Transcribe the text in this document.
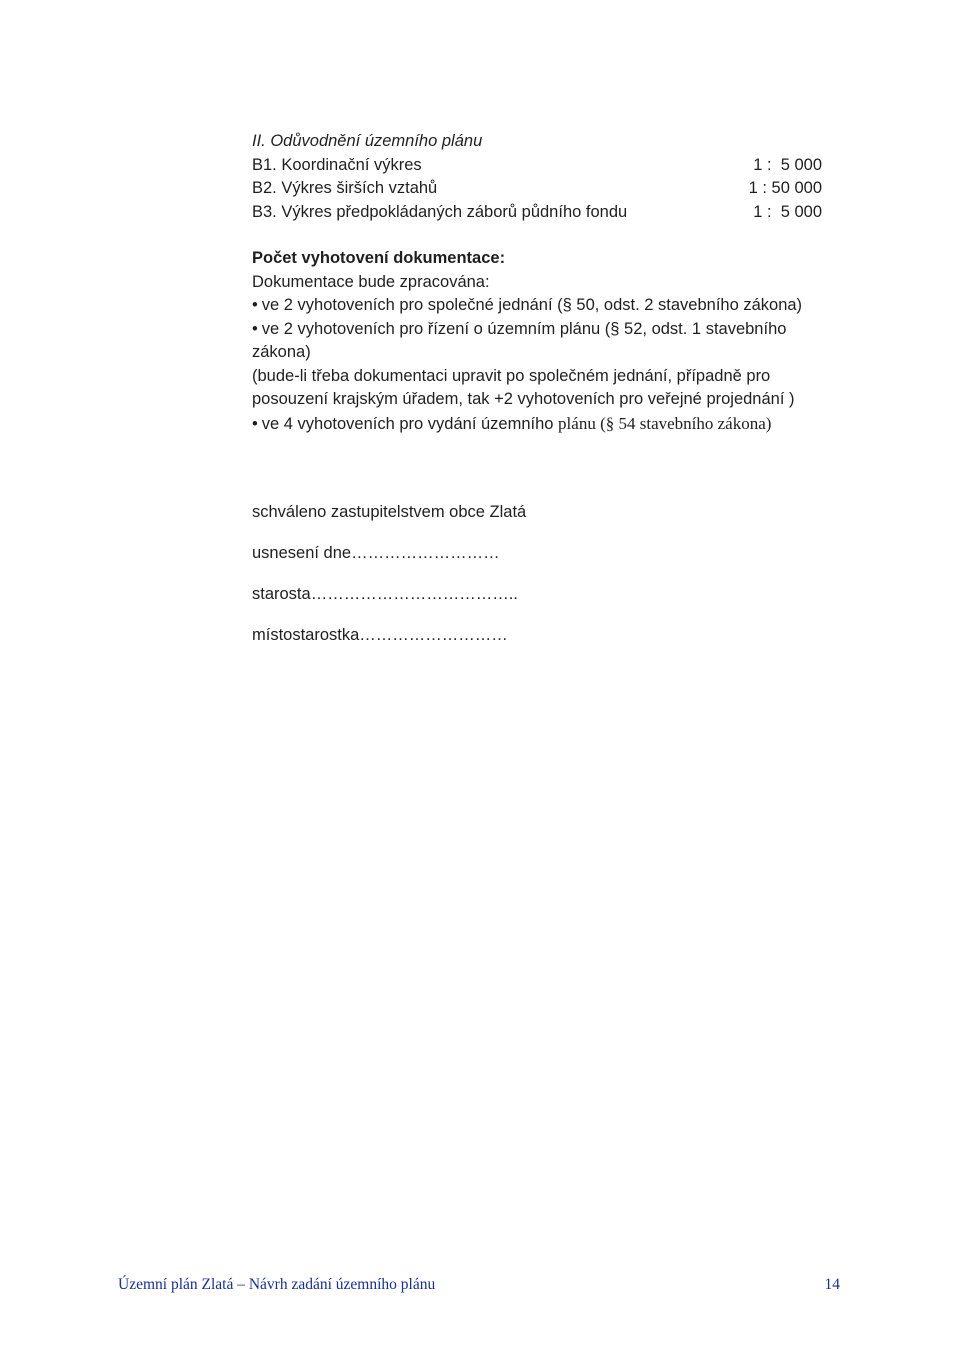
II. Odůvodnění územního plánu

B1. Koordinační výkres	1 :  5 000
B2. Výkres širších vztahů	1 : 50 000
B3. Výkres předpokládaných záborů půdního fondu	1 :  5 000

Počet vyhotovení dokumentace:

Dokumentace bude zpracována:

• ve 2 vyhotoveních pro společné jednání (§ 50, odst. 2 stavebního zákona)

• ve 2 vyhotoveních pro řízení o územním plánu (§ 52, odst. 1 stavebního zákona)

(bude-li třeba dokumentaci upravit po společném jednání, případně pro posouzení krajským úřadem, tak +2 vyhotoveních pro veřejné projednání )

• ve 4 vyhotoveních pro vydání územního plánu (§ 54 stavebního zákona)

schváleno zastupitelstvem obce Zlatá

usnesení dne………………………

starosta………………………………..

místostarostka………………………

Územní plán Zlatá – Návrh zadání územního plánu	14
